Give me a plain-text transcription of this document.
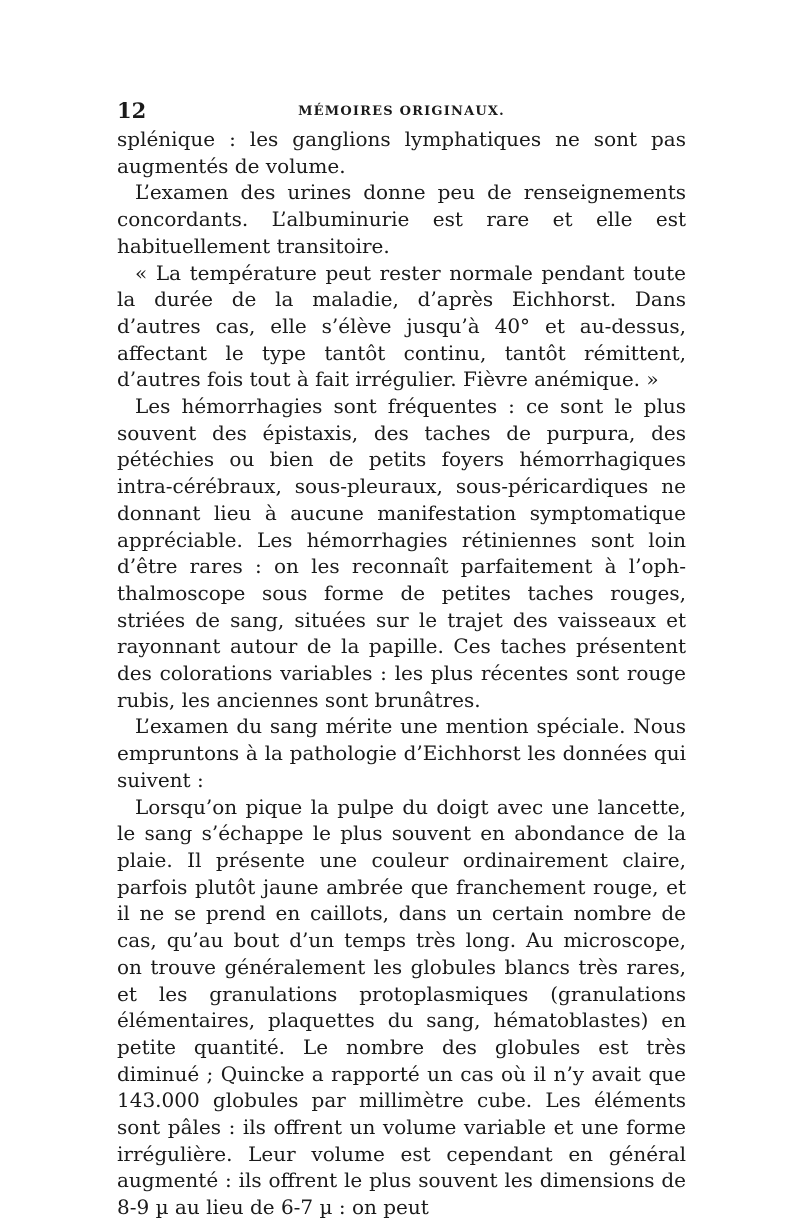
12	MÉMOIRES ORIGINAUX.

splénique : les ganglions lymphatiques ne sont pas augmentés de volume.

L’examen des urines donne peu de renseignements concordants. L’albuminurie est rare et elle est habituellement transitoire.

« La température peut rester normale pendant toute la durée de la maladie, d’après Eichhorst. Dans d’autres cas, elle s’élève jusqu’à 40° et au-dessus, affectant le type tantôt continu, tantôt rémittent, d’autres fois tout à fait irrégulier. Fièvre anémique. »

Les hémorrhagies sont fréquentes : ce sont le plus souvent des épistaxis, des taches de purpura, des pétéchies ou bien de petits foyers hémorrhagiques intra-cérébraux, sous-pleuraux, sous-péricardiques ne donnant lieu à aucune manifestation symptomatique appréciable. Les hémorrhagies rétiniennes sont loin d’être rares : on les reconnaît parfaitement à l’ophthalmoscope sous forme de petites taches rouges, striées de sang, situées sur le trajet des vaisseaux et rayonnant autour de la papille. Ces taches présentent des colorations variables : les plus récentes sont rouge rubis, les anciennes sont brunâtres.

L’examen du sang mérite une mention spéciale. Nous empruntons à la pathologie d’Eichhorst les données qui suivent :

Lorsqu’on pique la pulpe du doigt avec une lancette, le sang s’échappe le plus souvent en abondance de la plaie. Il présente une couleur ordinairement claire, parfois plutôt jaune ambrée que franchement rouge, et il ne se prend en caillots, dans un certain nombre de cas, qu’au bout d’un temps très long. Au microscope, on trouve généralement les globules blancs très rares, et les granulations protoplasmiques (granulations élémentaires, plaquettes du sang, hématoblastes) en petite quantité. Le nombre des globules est très diminué ; Quincke a rapporté un cas où il n’y avait que 143.000 globules par millimètre cube. Les éléments sont pâles : ils offrent un volume variable et une forme irrégulière. Leur volume est cependant en général augmenté : ils offrent le plus souvent les dimensions de 8-9 µ au lieu de 6-7 µ : on peut
